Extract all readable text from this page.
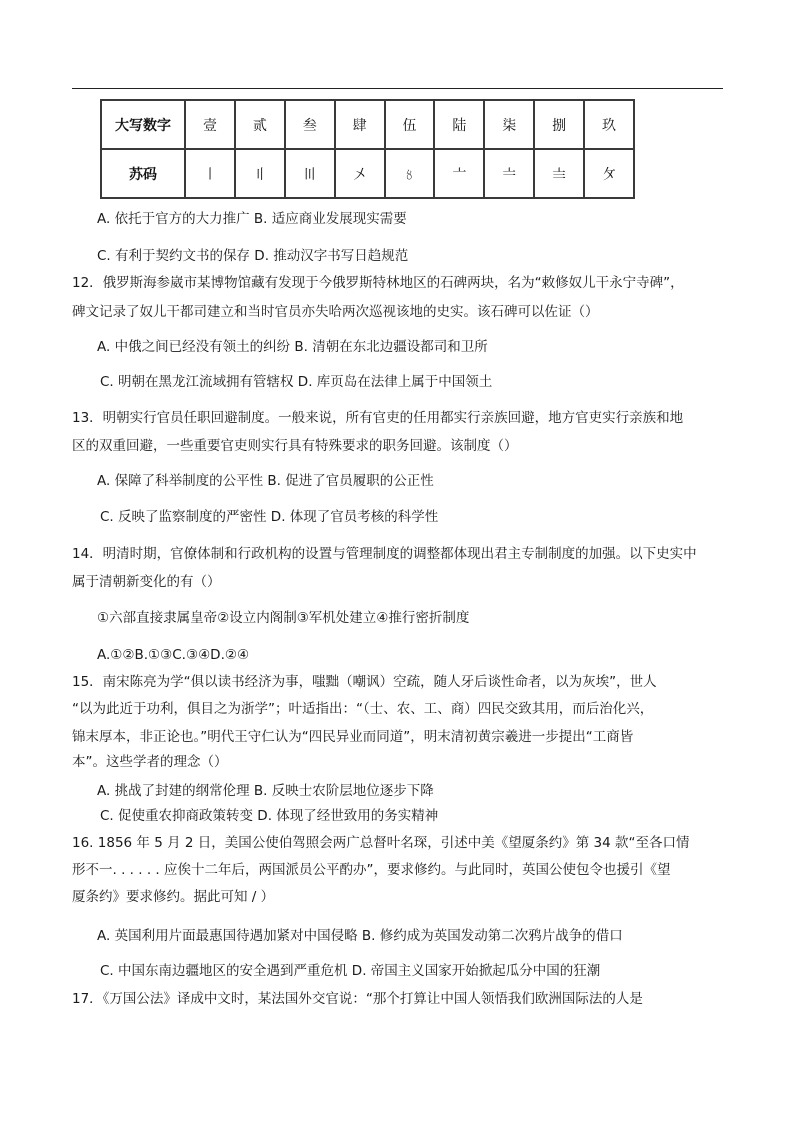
大写数字	壹	贰	叁	肆	伍	陆	柒	捌	玖
苏码	〡	〢	〣	〤	〥	〦	〧	〨	〩
A. 依托于官方的大力推广 B. 适应商业发展现实需要
C. 有利于契约文书的保存 D. 推动汉字书写日趋规范
12．俄罗斯海参崴市某博物馆藏有发现于今俄罗斯特林地区的石碑两块，名为“敕修奴儿干永宁寺碑”，
碑文记录了奴儿干都司建立和当时官员亦失哈两次巡视该地的史实。该石碑可以佐证（）
A. 中俄之间已经没有领土的纠纷 B. 清朝在东北边疆设都司和卫所
C. 明朝在黑龙江流域拥有管辖权 D. 库页岛在法律上属于中国领土
13．明朝实行官员任职回避制度。一般来说，所有官吏的任用都实行亲族回避，地方官吏实行亲族和地
区的双重回避，一些重要官吏则实行具有特殊要求的职务回避。该制度（）
A. 保障了科举制度的公平性 B. 促进了官员履职的公正性
C. 反映了监察制度的严密性 D. 体现了官员考核的科学性
14．明清时期，官僚体制和行政机构的设置与管理制度的调整都体现出君主专制制度的加强。以下史实中
属于清朝新变化的有（）
①六部直接隶属皇帝②设立内阁制③军机处建立④推行密折制度
A.①②B.①③C.③④D.②④
15．南宋陈亮为学“俱以读书经济为事，嗤黜（嘲讽）空疏，随人牙后谈性命者，以为灰埃”，世人
“以为此近于功利，俱目之为浙学”；叶适指出：“（士、农、工、商）四民交致其用，而后治化兴，
锦末厚本，非正论也。”明代王守仁认为“四民异业而同道”，明末清初黄宗羲进一步提出“工商皆
本”。这些学者的理念（）
A. 挑战了封建的纲常伦理 B. 反映士农阶层地位逐步下降
C. 促使重农抑商政策转变 D. 体现了经世致用的务实精神
16. 1856 年 5 月 2 日，美国公使伯驾照会两广总督叶名琛，引述中美《望厦条约》第 34 款“至各口情
形不一. . . . . . 应俟十二年后，两国派员公平酌办”，要求修约。与此同时，英国公使包令也援引《望
厦条约》要求修约。据此可知 / ）
A. 英国利用片面最惠国待遇加紧对中国侵略 B. 修约成为英国发动第二次鸦片战争的借口
C. 中国东南边疆地区的安全遇到严重危机 D. 帝国主义国家开始掀起瓜分中国的狂潮
17．《万国公法》译成中文时，某法国外交官说：“那个打算让中国人领悟我们欧洲国际法的人是
